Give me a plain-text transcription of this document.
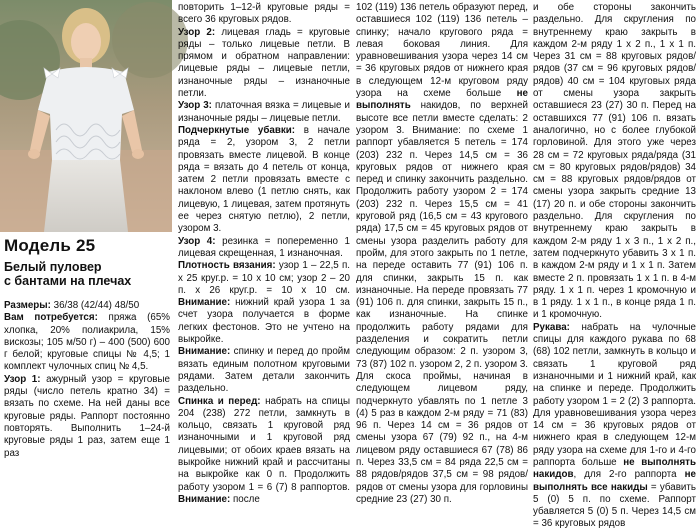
Модель 25
Белый пуловер
с бантами на плечах

Размеры: 36/38 (42/44) 48/50

Вам потребуется: пряжа (65% хлопка, 20% полиакрила, 15% вискозы; 105 м/50 г) – 400 (500) 600 г белой; круговые спицы № 4,5; 1 комплект чулочных спиц № 4,5.

Узор 1: ажурный узор = круговые ряды (число петель кратно 34) = вязать по схеме. На ней даны все круговые ряды. Раппорт постоянно повторять. Выполнить 1–24-й круговые ряды 1 раз, затем еще 1 раз

повторить 1–12-й круговые ряды = всего 36 круговых рядов.

Узор 2: лицевая гладь = круговые ряды – только лицевые петли. В прямом и обратном направлении: лицевые ряды – лицевые петли, изнаночные ряды – изнаночные петли.

Узор 3: платочная вязка = лицевые и изнаночные ряды – лицевые петли.

Подчеркнутые убавки: в начале ряда = 2, узором 3, 2 петли провязать вместе лицевой. В конце ряда = вязать до 4 петель от конца, затем 2 петли провязать вместе с наклоном влево (1 петлю снять, как лицевую, 1 лицевая, затем протянуть ее через снятую петлю), 2 петли, узором 3.

Узор 4: резинка = попеременно 1 лицевая скрещенная, 1 изнаночная.

Плотность вязания: узор 1 – 22,5 п. x 25 круг.р. = 10 x 10 см; узор 2 – 20 п. x 26 круг.р. = 10 x 10 см. Внимание: нижний край узора 1 за счет узора получается в форме легких фестонов. Это не учтено на выкройке.

Внимание: спинку и перед до пройм вязать единым полотном круговыми рядами. Затем детали закончить раздельно.

Спинка и перед: набрать на спицы 204 (238) 272 петли, замкнуть в кольцо, связать 1 круговой ряд изнаночными и 1 круговой ряд лицевыми; от обоих краев вязать на выкройке нижний край и рассчитаны на выкройке как 0 п. Продолжить работу узором 1 = 6 (7) 8 раппортов. Внимание: после

102 (119) 136 петель образуют перед, оставшиеся 102 (119) 136 петель – спинку; начало кругового ряда = левая боковая линия. Для уравновешивания узора через 14 см = 36 круговых рядов от нижнего края в следующем 12-м круговом ряду узора на схеме больше не выполнять накидов, по верхней высоте все петли вместе сделать: 2 узором 3. Внимание: по схеме 1 раппорт убавляется 5 петель = 174 (203) 232 п. Через 14,5 см = 36 круговых рядов от нижнего края перед и спинку закончить раздельно. Продолжить работу узором 2 = 174 (203) 232 п. Через 15,5 см = 41 круговой ряд (16,5 см = 43 кругового ряда) 17,5 см = 45 круговых рядов от смены узора разделить работу для пройм, для этого закрыть по 1 петле, на переде оставить 77 (91) 106 п. для спинки, закрыть 15 п. как изнаночные. На переде провязать 77 (91) 106 п. для спинки, закрыть 15 п., как изнаночные. На спинке продолжить работу рядами для разделения и сократить петли следующим образом: 2 п. узором 3, 73 (87) 102 п. узором 2, 2 п. узором 3. Для скоса проймы, начиная в следующем лицевом ряду, подчеркнуто убавлять по 1 петле 3 (4) 5 раз в каждом 2-м ряду = 71 (83) 96 п. Через 14 см = 36 рядов от смены узора 67 (79) 92 п., на 4-м лицевом ряду оставшиеся 67 (78) 86 п. Через 33,5 см = 84 ряда 22,5 см = 88 рядов/рядов 37,5 см = 98 рядов/рядов от смены узора для горловины средние 23 (27) 30 п.

и обе стороны закончить раздельно. Для скругления по внутреннему краю закрыть в каждом 2-м ряду 1 x 2 п., 1 x 1 п. Через 31 см = 88 круговых рядов/рядов (37 см = 96 круговых рядов/рядов) 40 см = 104 круговых ряда от смены узора закрыть оставшиеся 23 (27) 30 п. Перед на оставшихся 77 (91) 106 п. вязать аналогично, но с более глубокой горловиной. Для этого уже через 28 см = 72 круговых ряда/ряда (31 см = 80 круговых рядов/рядов) 34 см = 88 круговых рядов/рядов от смены узора закрыть средние 13 (17) 20 п. и обе стороны закончить раздельно. Для скругления по внутреннему краю закрыть в каждом 2-м ряду 1 x 3 п., 1 x 2 п., затем подчеркнуто убавить 3 x 1 п. в каждом 2-м ряду и 1 x 1 п. Затем вместе 2 п. провязать 1 x 1 п. в 4-м ряду. 1 x 1 п. через 1 кромочную и в 1 ряду. 1 x 1 п., в конце ряда 1 п. и 1 кромочную.

Рукава: набрать на чулочные спицы для каждого рукава по 68 (68) 102 петли, замкнуть в кольцо и связать 1 круговой ряд изнаночными и 1 нижний край, как на спинке и переде. Продолжить работу узором 1 = 2 (2) 3 раппорта. Для уравновешивания узора через 14 см = 36 круговых рядов от нижнего края в следующем 12-м ряду узора на схеме для 1-го и 4-го раппорта больше не выполнять накидов, для 2-го раппорта не выполнять все накиды = убавить 5 (0) 5 п. по схеме. Раппорт убавляется 5 (0) 5 п. Через 14,5 см = 36 круговых рядов
